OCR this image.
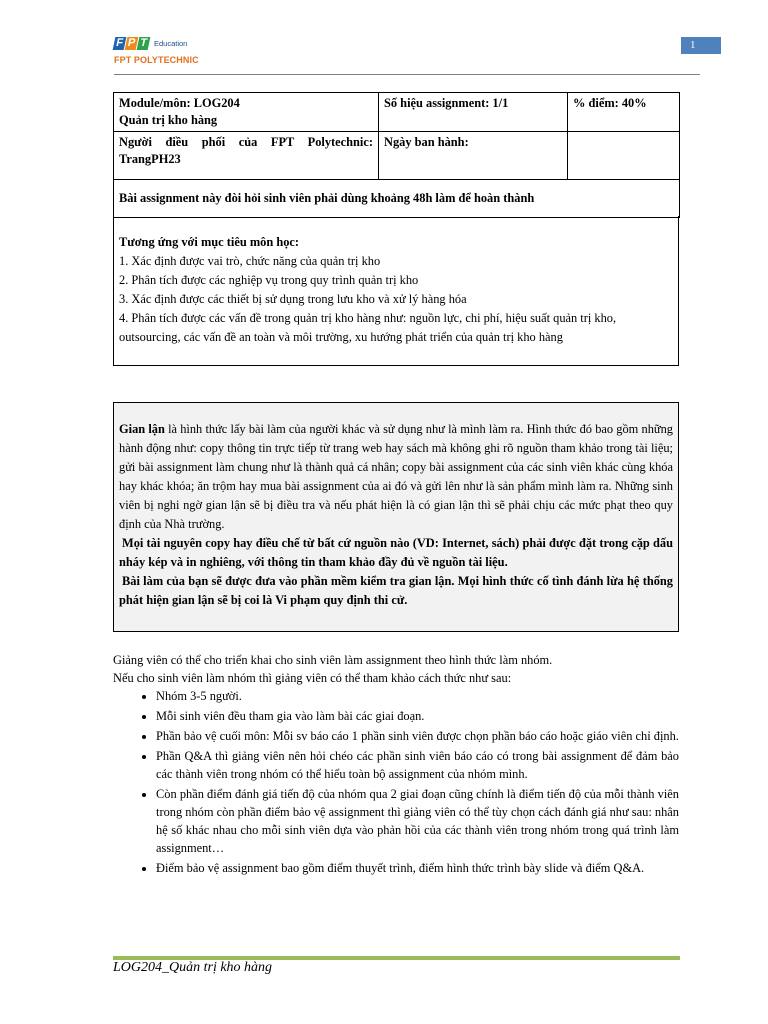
F P T Education
FPT POLYTECHNIC
1
Module/môn: LOG204
Quản trị kho hàng	Số hiệu assignment: 1/1	% điểm: 40%
Người điều phối của FPT Polytechnic: TrangPH23	Ngày ban hành:	
Bài assignment này đòi hỏi sinh viên phải dùng khoảng 48h làm để hoàn thành		
Tương ứng với mục tiêu môn học:
1. Xác định được vai trò, chức năng của quản trị kho
2. Phân tích được các nghiệp vụ trong quy trình quản trị kho
3. Xác định được các thiết bị sử dụng trong lưu kho và xử lý hàng hóa
4. Phân tích được các vấn đề trong quản trị kho hàng như: nguồn lực, chi phí, hiệu suất quản trị kho, outsourcing, các vấn đề an toàn và môi trường, xu hướng phát triển của quản trị kho hàng
Gian lận là hình thức lấy bài làm của người khác và sử dụng như là mình làm ra. Hình thức đó bao gồm những hành động như: copy thông tin trực tiếp từ trang web hay sách mà không ghi rõ nguồn tham khảo trong tài liệu; gửi bài assignment làm chung như là thành quả cá nhân; copy bài assignment của các sinh viên khác cùng khóa hay khác khóa; ăn trộm hay mua bài assignment của ai đó và gửi lên như là sản phẩm mình làm ra. Những sinh viên bị nghi ngờ gian lận sẽ bị điều tra và nếu phát hiện là có gian lận thì sẽ phải chịu các mức phạt theo quy định của Nhà trường.
Mọi tài nguyên copy hay điều chế từ bất cứ nguồn nào (VD: Internet, sách) phải được đặt trong cặp dấu nháy kép và in nghiêng, với thông tin tham khảo đầy đủ về nguồn tài liệu.
Bài làm của bạn sẽ được đưa vào phần mềm kiểm tra gian lận. Mọi hình thức cố tình đánh lừa hệ thống phát hiện gian lận sẽ bị coi là Vi phạm quy định thi cử.
Giảng viên có thể cho triển khai cho sinh viên làm assignment theo hình thức làm nhóm.
Nếu cho sinh viên làm nhóm thì giảng viên có thể tham khảo cách thức như sau:
• Nhóm 3-5 người.
• Mỗi sinh viên đều tham gia vào làm bài các giai đoạn.
• Phần bảo vệ cuối môn: Mỗi sv báo cáo 1 phần sinh viên được chọn phần báo cáo hoặc giáo viên chỉ định.
• Phần Q&A thì giảng viên nên hỏi chéo các phần sinh viên báo cáo có trong bài assignment để đảm bảo các thành viên trong nhóm có thể hiểu toàn bộ assignment của nhóm mình.
• Còn phần điểm đánh giá tiến độ của nhóm qua 2 giai đoạn cũng chính là điểm tiến độ của mỗi thành viên trong nhóm còn phần điểm bảo vệ assignment thì giảng viên có thể tùy chọn cách đánh giá như sau: nhân hệ số khác nhau cho mỗi sinh viên dựa vào phản hồi của các thành viên trong nhóm trong quá trình làm assignment…
• Điểm bảo vệ assignment bao gồm điểm thuyết trình, điểm hình thức trình bày slide và điểm Q&A.
LOG204_Quản trị kho hàng
